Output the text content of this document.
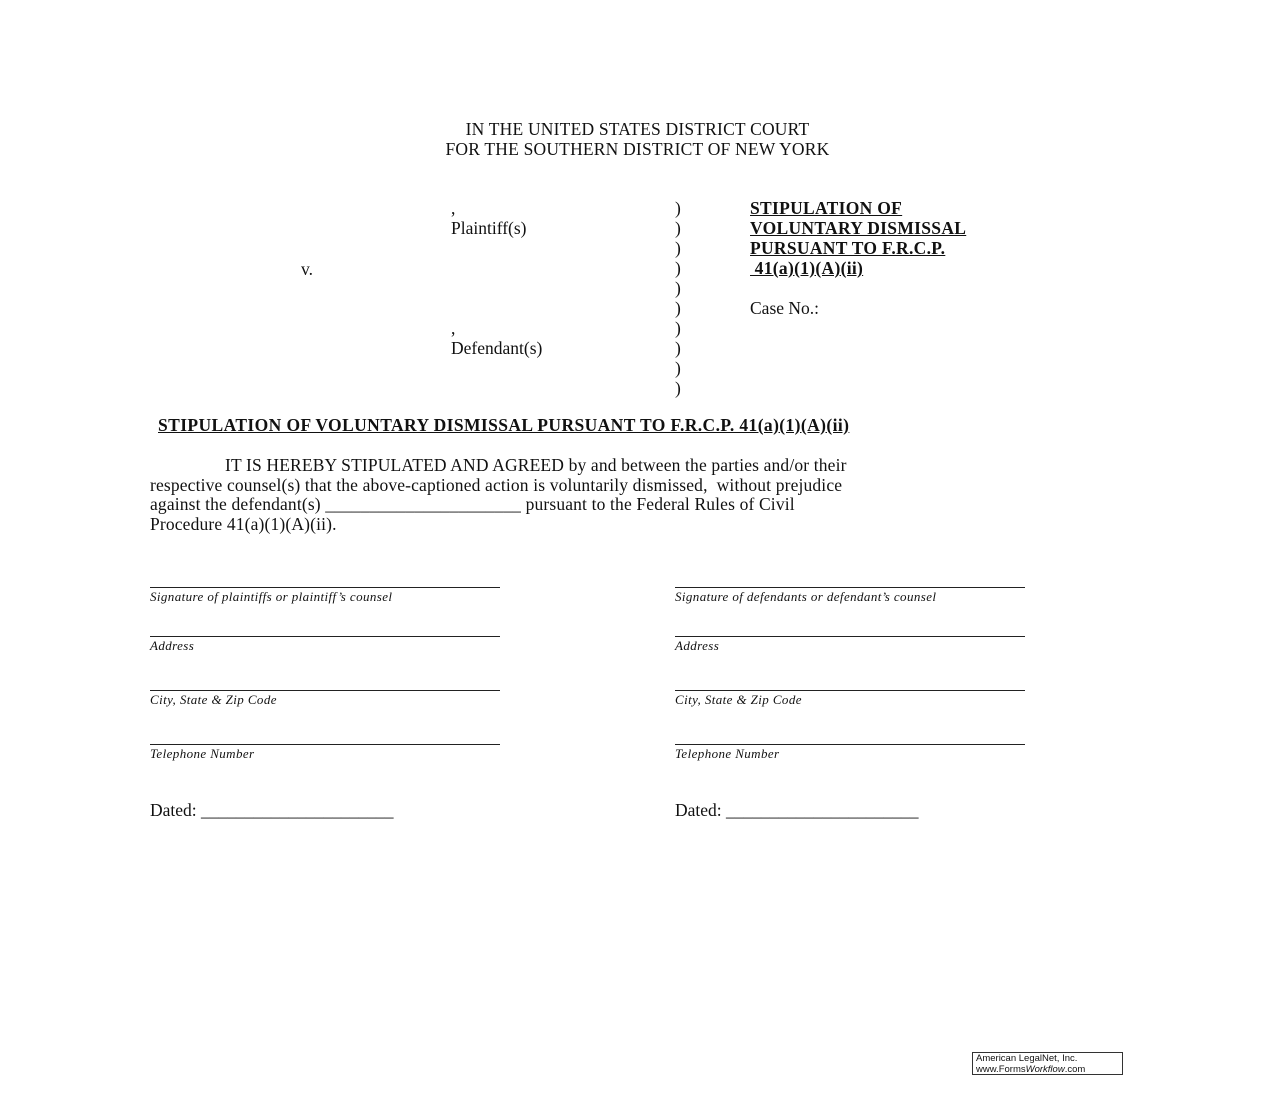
IN THE UNITED STATES DISTRICT COURT
FOR THE SOUTHERN DISTRICT OF NEW YORK
,
Plaintiff(s)
v.
,
Defendant(s)
)
)
)
)
)
)
)
)
)
)
STIPULATION OF
VOLUNTARY DISMISSAL
PURSUANT TO F.R.C.P.
41(a)(1)(A)(ii)
Case No.:
STIPULATION OF VOLUNTARY DISMISSAL PURSUANT TO F.R.C.P. 41(a)(1)(A)(ii)
IT IS HEREBY STIPULATED AND AGREED by and between the parties and/or their
respective counsel(s) that the above-captioned action is voluntarily dismissed,  without prejudice
against the defendant(s) ______________________ pursuant to the Federal Rules of Civil
Procedure 41(a)(1)(A)(ii).
Signature of plaintiffs or plaintiff’s counsel
Address
City, State & Zip Code
Telephone Number
Dated: ______________________
Signature of defendants or defendant’s counsel
Address
City, State & Zip Code
Telephone Number
Dated: ______________________
American LegalNet, Inc.
www.FormsWorkflow.com
